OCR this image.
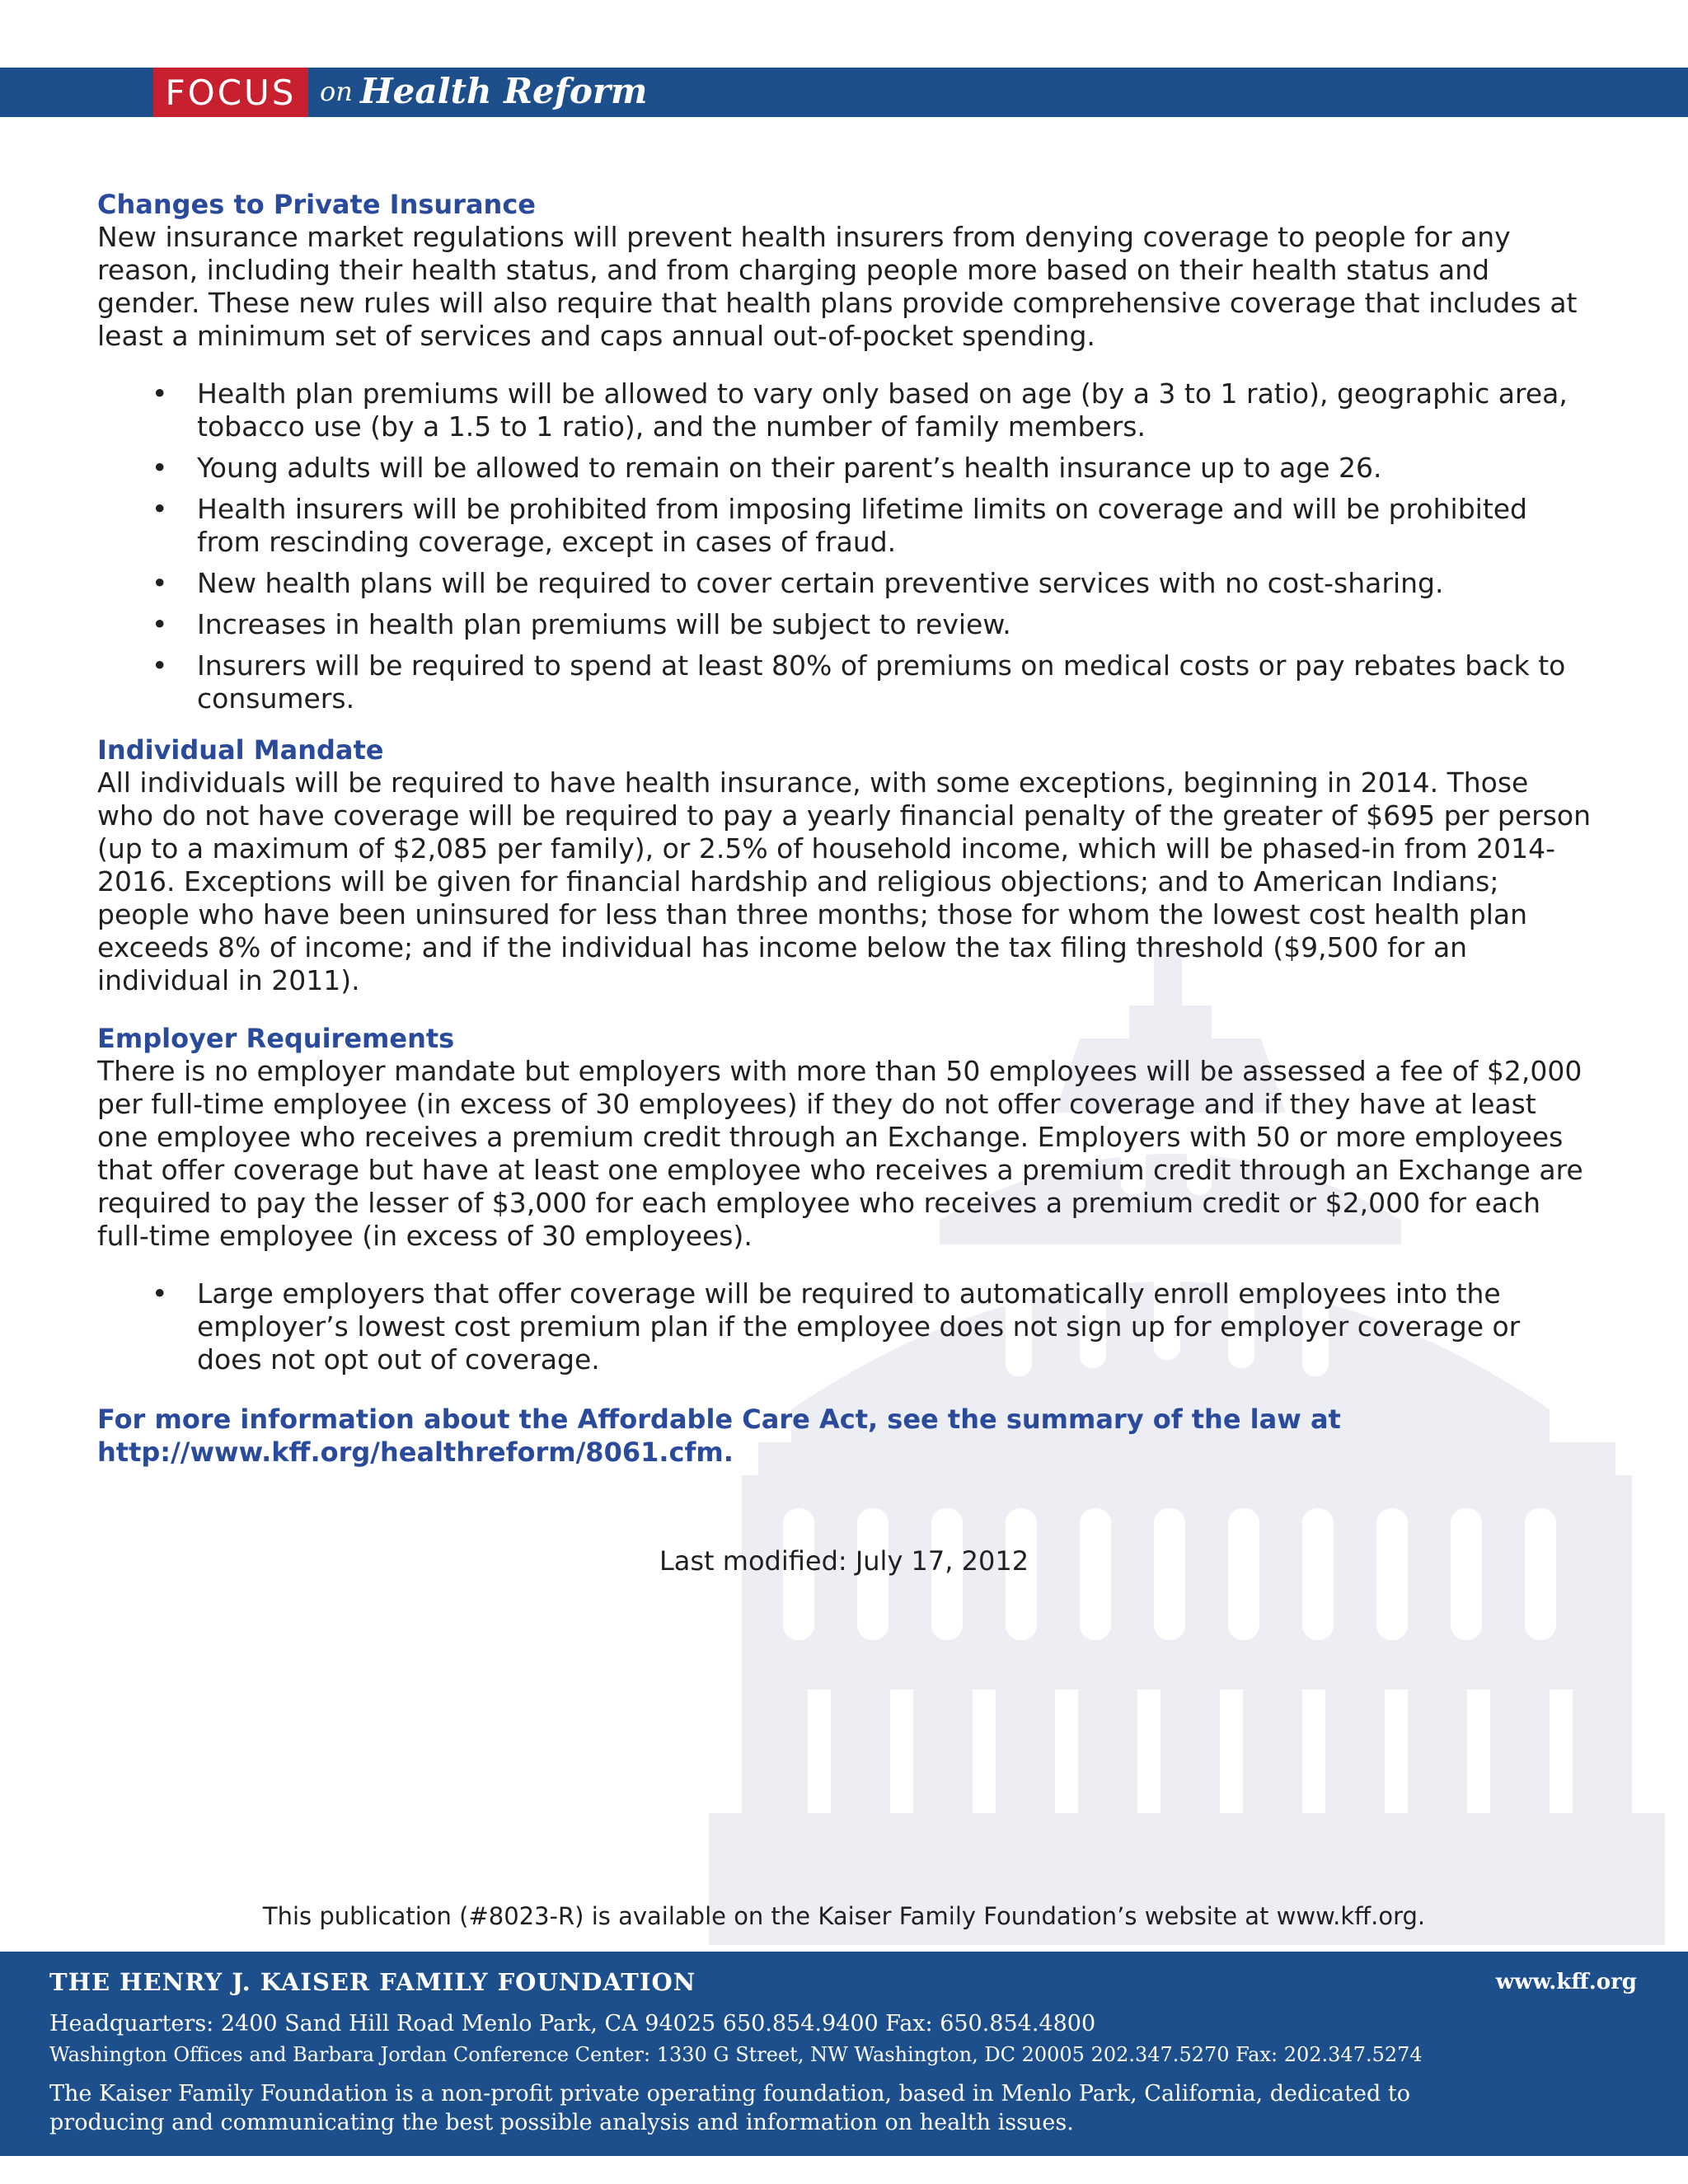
FOCUS on Health Reform
Changes to Private Insurance

New insurance market regulations will prevent health insurers from denying coverage to people for any reason, including their health status, and from charging people more based on their health status and gender. These new rules will also require that health plans provide comprehensive coverage that includes at least a minimum set of services and caps annual out-of-pocket spending.

• Health plan premiums will be allowed to vary only based on age (by a 3 to 1 ratio), geographic area, tobacco use (by a 1.5 to 1 ratio), and the number of family members.
• Young adults will be allowed to remain on their parent’s health insurance up to age 26.
• Health insurers will be prohibited from imposing lifetime limits on coverage and will be prohibited from rescinding coverage, except in cases of fraud.
• New health plans will be required to cover certain preventive services with no cost-sharing.
• Increases in health plan premiums will be subject to review.
• Insurers will be required to spend at least 80% of premiums on medical costs or pay rebates back to consumers.
Individual Mandate

All individuals will be required to have health insurance, with some exceptions, beginning in 2014. Those who do not have coverage will be required to pay a yearly financial penalty of the greater of $695 per person (up to a maximum of $2,085 per family), or 2.5% of household income, which will be phased-in from 2014-2016. Exceptions will be given for financial hardship and religious objections; and to American Indians; people who have been uninsured for less than three months; those for whom the lowest cost health plan exceeds 8% of income; and if the individual has income below the tax filing threshold ($9,500 for an individual in 2011).

Employer Requirements

There is no employer mandate but employers with more than 50 employees will be assessed a fee of $2,000 per full-time employee (in excess of 30 employees) if they do not offer coverage and if they have at least one employee who receives a premium credit through an Exchange. Employers with 50 or more employees that offer coverage but have at least one employee who receives a premium credit through an Exchange are required to pay the lesser of $3,000 for each employee who receives a premium credit or $2,000 for each full-time employee (in excess of 30 employees).

• Large employers that offer coverage will be required to automatically enroll employees into the employer’s lowest cost premium plan if the employee does not sign up for employer coverage or does not opt out of coverage.

For more information about the Affordable Care Act, see the summary of the law at

http://www.kff.org/healthreform/8061.cfm.

Last modified: July 17, 2012
This publication (#8023-R) is available on the Kaiser Family Foundation’s website at www.kff.org.
THE HENRY J. KAISER FAMILY FOUNDATION	www.kff.org
Headquarters: 2400 Sand Hill Road Menlo Park, CA 94025 650.854.9400 Fax: 650.854.4800
Washington Offices and Barbara Jordan Conference Center: 1330 G Street, NW Washington, DC 20005 202.347.5270 Fax: 202.347.5274
The Kaiser Family Foundation is a non-profit private operating foundation, based in Menlo Park, California, dedicated to producing and communicating the best possible analysis and information on health issues.
